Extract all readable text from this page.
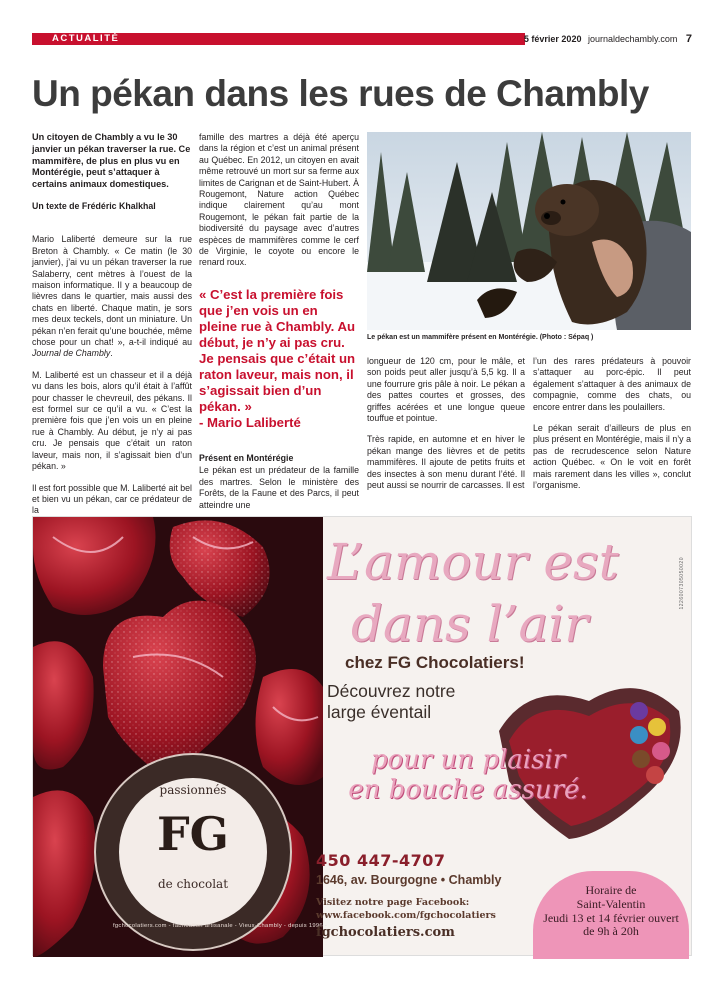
ACTUALITÉ	5 février 2020 journaldechambly.com 7
Un pékan dans les rues de Chambly

Un citoyen de Chambly a vu le 30 janvier un pékan traverser la rue. Ce mammifère, de plus en plus vu en Montérégie, peut s’attaquer à certains animaux domestiques.

Un texte de Frédéric Khalkhal

Mario Laliberté demeure sur la rue Breton à Chambly. « Ce matin (le 30 janvier), j’ai vu un pékan traverser la rue Salaberry, cent mètres à l’ouest de la maison informatique. Il y a beaucoup de lièvres dans le quartier, mais aussi des chats en liberté. Chaque matin, je sors mes deux teckels, dont un miniature. Un pékan n’en ferait qu’une bouchée, même chose pour un chat! », a-t-il indiqué au Journal de Chambly.

M. Laliberté est un chasseur et il a déjà vu dans les bois, alors qu’il était à l’affût pour chasser le chevreuil, des pékans. Il est formel sur ce qu’il a vu. « C’est la première fois que j’en vois un en pleine rue à Chambly. Au début, je n’y ai pas cru. Je pensais que c’était un raton laveur, mais non, il s’agissait bien d’un pékan. »

Il est fort possible que M. Laliberté ait bel et bien vu un pékan, car ce prédateur de la

famille des martres a déjà été aperçu dans la région et c’est un animal présent au Québec. En 2012, un citoyen en avait même retrouvé un mort sur sa ferme aux limites de Carignan et de Saint-Hubert. À Rougemont, Nature action Québec indique clairement qu’au mont Rougemont, le pékan fait partie de la biodiversité du paysage avec d’autres espèces de mammifères comme le cerf de Virginie, le coyote ou encore le renard roux.

« C’est la première fois que j’en vois un en pleine rue à Chambly. Au début, je n’y ai pas cru. Je pensais que c’était un raton laveur, mais non, il s’agissait bien d’un pékan. »
- Mario Laliberté

Présent en Montérégie

Le pékan est un prédateur de la famille des martres. Selon le ministère des Forêts, de la Faune et des Parcs, il peut atteindre une

Le pékan est un mammifère présent en Montérégie. (Photo : Sépaq )

longueur de 120 cm, pour le mâle, et son poids peut aller jusqu’à 5,5 kg. Il a une fourrure gris pâle à noir. Le pékan a des pattes courtes et grosses, des griffes acérées et une longue queue touffue et pointue.

Très rapide, en automne et en hiver le pékan mange des lièvres et de petits mammifères. Il ajoute de petits fruits et des insectes à son menu durant l’été. Il peut aussi se nourrir de carcasses. Il est

l’un des rares prédateurs à pouvoir s’attaquer au porc-épic. Il peut également s’attaquer à des animaux de compagnie, comme des chats, ou encore entrer dans les poulaillers.

Le pékan serait d’ailleurs de plus en plus présent en Montérégie, mais il n’y a pas de recrudescence selon Nature action Québec. « On le voit en forêt mais rarement dans les villes », conclut l’organisme.

passionnés
FG
de chocolat
fgchocolatiers.com - fabrication artisanale - Vieux-Chambly - depuis 1996 -
1226007305050020
L’amour est
dans l’air
chez FG Chocolatiers!
Découvrez notre
large éventail
pour un plaisir
en bouche assuré.
450 447-4707
1646, av. Bourgogne • Chambly
Visitez notre page Facebook:
www.facebook.com/fgchocolatiers
fgchocolatiers.com
Horaire de
Saint-Valentin
Jeudi 13 et 14 février ouvert
de 9h à 20h
